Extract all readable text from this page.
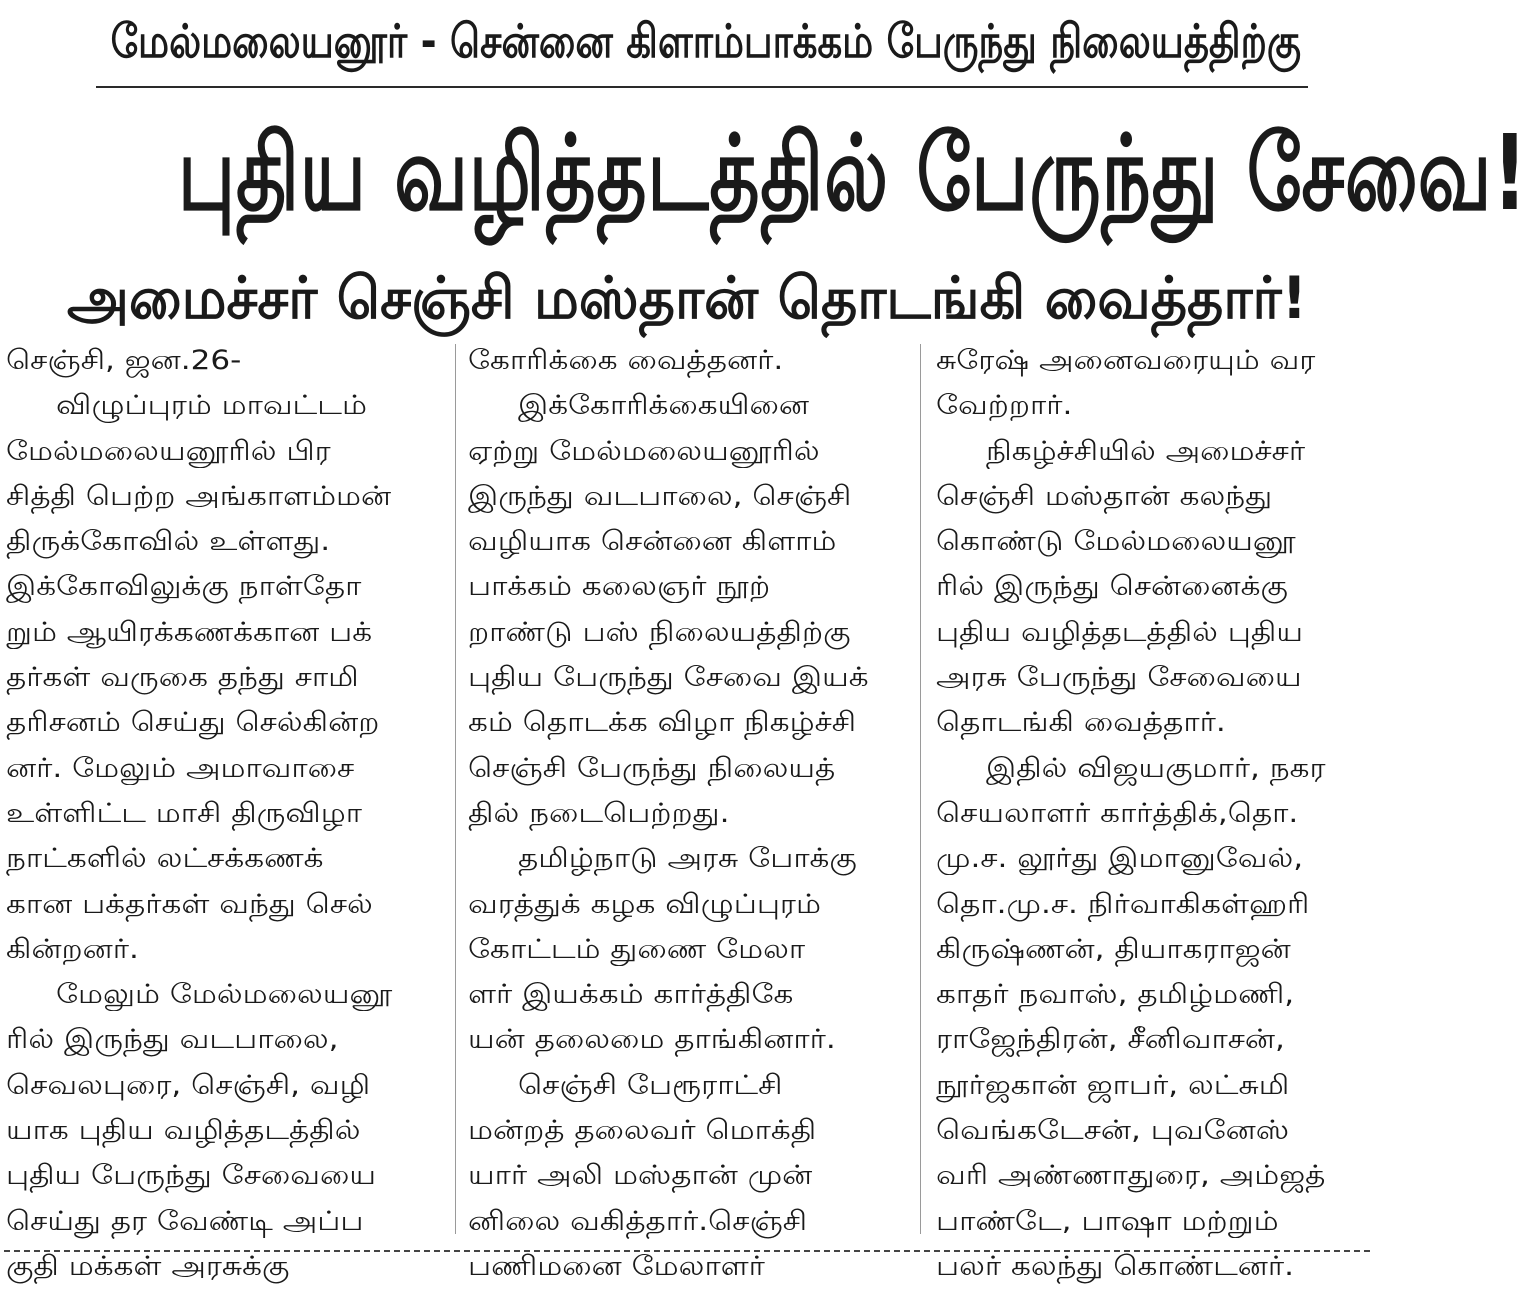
மேல்மலையனூர் - சென்னை கிளாம்பாக்கம் பேருந்து நிலையத்திற்கு
புதிய வழித்தடத்தில் பேருந்து சேவை!
அமைச்சர் செஞ்சி மஸ்தான் தொடங்கி வைத்தார்!
செஞ்சி, ஜன.26-
விழுப்புரம் மாவட்டம்
மேல்மலையனூரில் பிர
சித்தி பெற்ற அங்காளம்மன்
திருக்கோவில் உள்ளது.
இக்கோவிலுக்கு நாள்தோ
றும் ஆயிரக்கணக்கான பக்
தர்கள் வருகை தந்து சாமி
தரிசனம் செய்து செல்கின்ற
னர். மேலும் அமாவாசை
உள்ளிட்ட மாசி திருவிழா
நாட்களில் லட்சக்கணக்
கான பக்தர்கள் வந்து செல்
கின்றனர்.
மேலும் மேல்மலையனூ
ரில் இருந்து வடபாலை,
செவலபுரை, செஞ்சி, வழி
யாக புதிய வழித்தடத்தில்
புதிய பேருந்து சேவையை
செய்து தர வேண்டி அப்ப
குதி மக்கள் அரசுக்கு
கோரிக்கை வைத்தனர்.
இக்கோரிக்கையினை
ஏற்று மேல்மலையனூரில்
இருந்து வடபாலை, செஞ்சி
வழியாக சென்னை கிளாம்
பாக்கம் கலைஞர் நூற்
றாண்டு பஸ் நிலையத்திற்கு
புதிய பேருந்து சேவை இயக்
கம் தொடக்க விழா நிகழ்ச்சி
செஞ்சி பேருந்து நிலையத்
தில் நடைபெற்றது.
தமிழ்நாடு அரசு போக்கு
வரத்துக் கழக விழுப்புரம்
கோட்டம் துணை மேலா
ளர் இயக்கம் கார்த்திகே
யன் தலைமை தாங்கினார்.
செஞ்சி பேரூராட்சி
மன்றத் தலைவர் மொக்தி
யார் அலி மஸ்தான் முன்
னிலை வகித்தார்.செஞ்சி
பணிமனை மேலாளர்
சுரேஷ் அனைவரையும் வர
வேற்றார்.
நிகழ்ச்சியில் அமைச்சர்
செஞ்சி மஸ்தான் கலந்து
கொண்டு மேல்மலையனூ
ரில் இருந்து சென்னைக்கு
புதிய வழித்தடத்தில் புதிய
அரசு பேருந்து சேவையை
தொடங்கி வைத்தார்.
இதில் விஜயகுமார், நகர
செயலாளர் கார்த்திக்,தொ.
மு.ச. லூர்து இமானுவேல்,
தொ.மு.ச. நிர்வாகிகள்ஹரி
கிருஷ்ணன், தியாகராஜன்
காதர் நவாஸ், தமிழ்மணி,
ராஜேந்திரன், சீனிவாசன்,
நூர்ஜகான் ஜாபர், லட்சுமி
வெங்கடேசன், புவனேஸ்
வரி அண்ணாதுரை, அம்ஜத்
பாண்டே, பாஷா மற்றும்
பலர் கலந்து கொண்டனர்.
